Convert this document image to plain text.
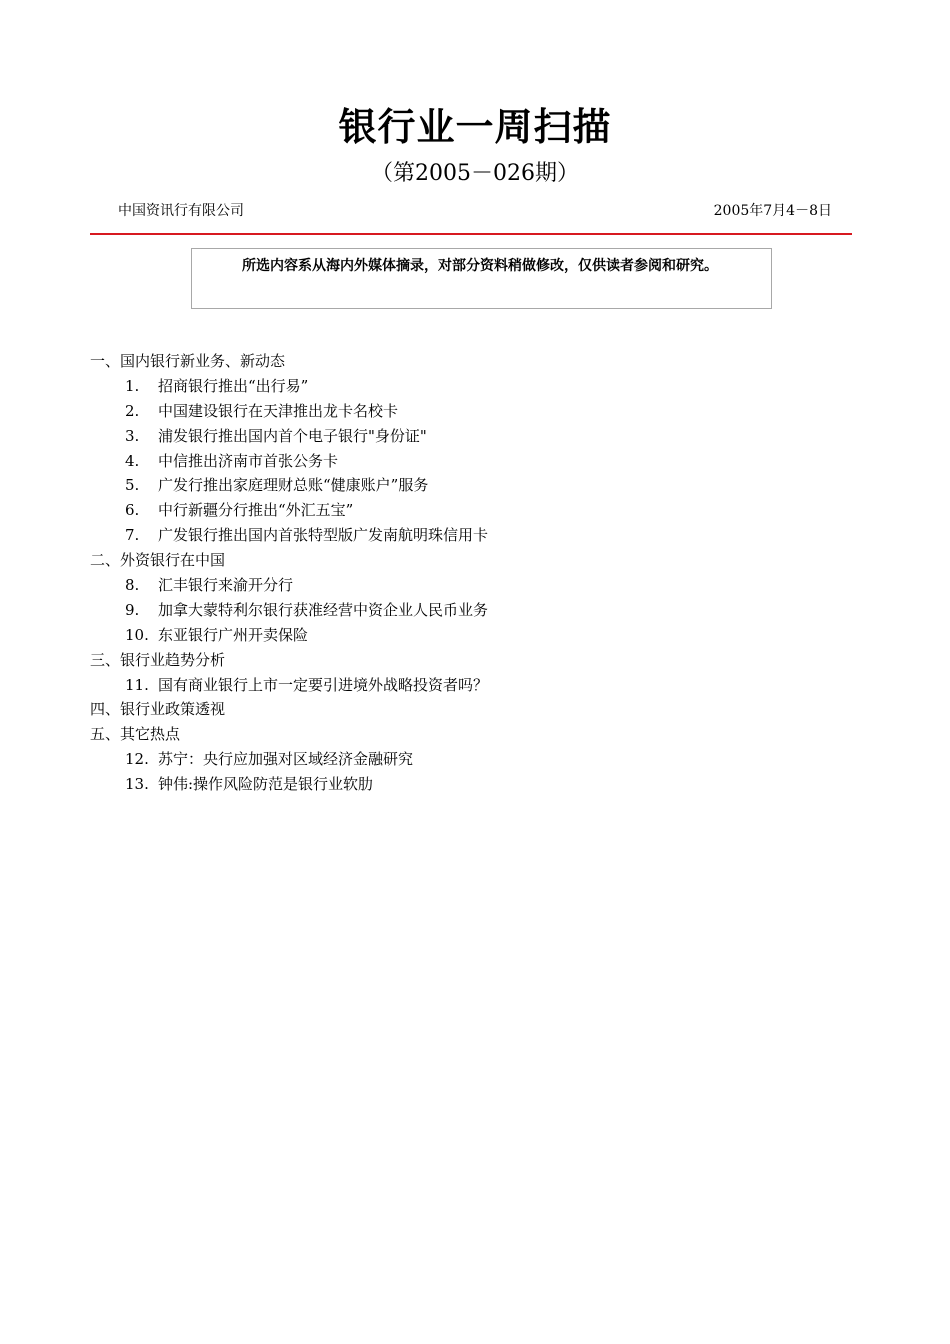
银行业一周扫描
（第2005－026期）
中国资讯行有限公司	2005年7月4－8日
所选内容系从海内外媒体摘录，对部分资料稍做修改，仅供读者参阅和研究。
一、国内银行新业务、新动态
1. 招商银行推出“出行易”
2. 中国建设银行在天津推出龙卡名校卡
3. 浦发银行推出国内首个电子银行"身份证"
4. 中信推出济南市首张公务卡
5. 广发行推出家庭理财总账“健康账户”服务
6. 中行新疆分行推出“外汇五宝”
7. 广发银行推出国内首张特型版广发南航明珠信用卡
二、外资银行在中国
8. 汇丰银行来渝开分行
9. 加拿大蒙特利尔银行获准经营中资企业人民币业务
10. 东亚银行广州开卖保险
三、银行业趋势分析
11. 国有商业银行上市一定要引进境外战略投资者吗？
四、银行业政策透视
五、其它热点
12. 苏宁：央行应加强对区域经济金融研究
13. 钟伟:操作风险防范是银行业软肋
